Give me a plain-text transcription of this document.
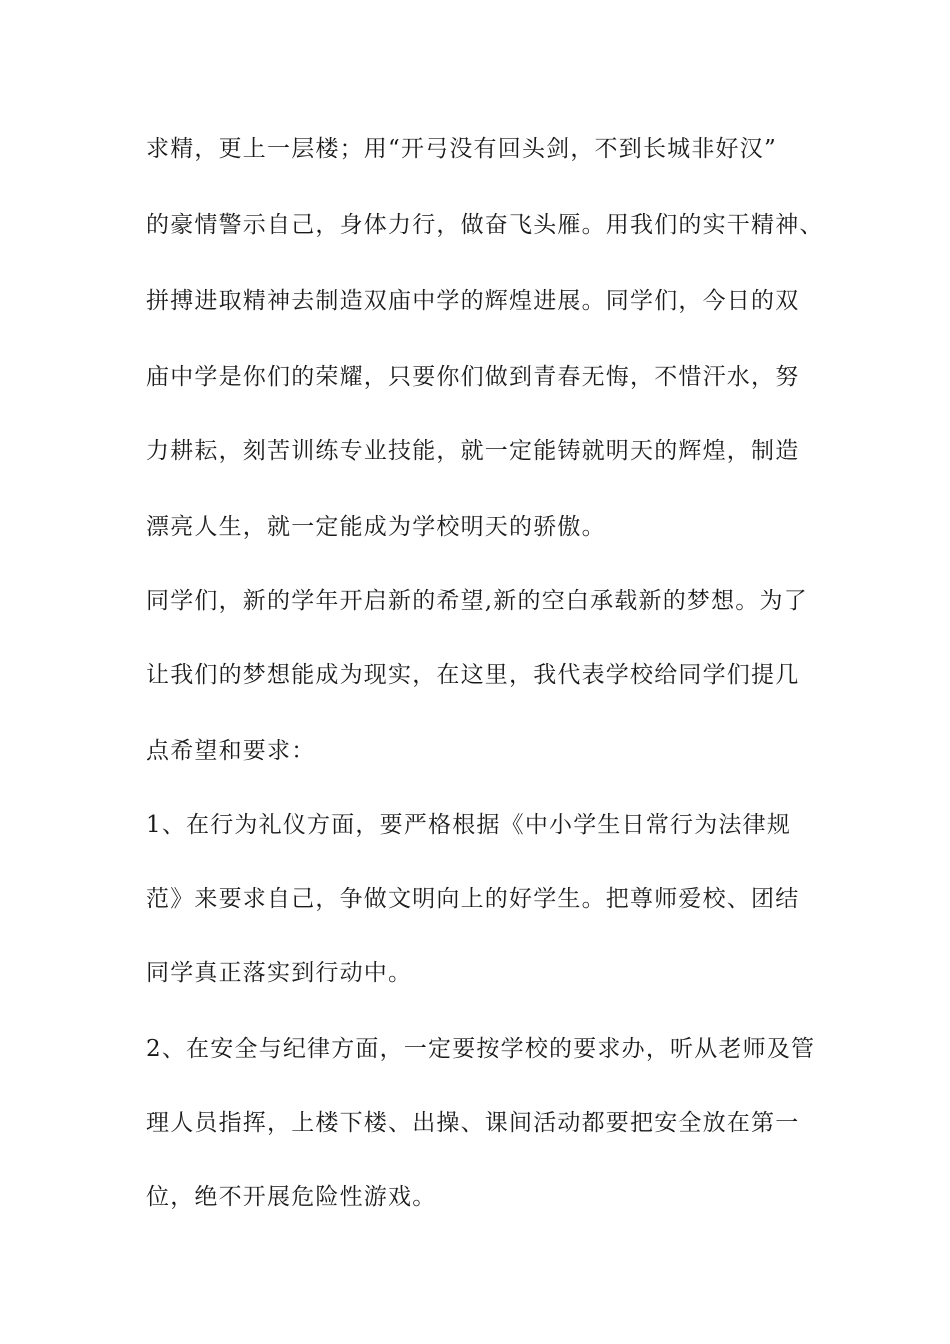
求精，更上一层楼；用“开弓没有回头剑，不到长城非好汉”
的豪情警示自己，身体力行，做奋飞头雁。用我们的实干精神、
拼搏进取精神去制造双庙中学的辉煌进展。同学们，今日的双
庙中学是你们的荣耀，只要你们做到青春无悔，不惜汗水，努
力耕耘，刻苦训练专业技能，就一定能铸就明天的辉煌，制造
漂亮人生，就一定能成为学校明天的骄傲。
同学们，新的学年开启新的希望,新的空白承载新的梦想。为了
让我们的梦想能成为现实，在这里，我代表学校给同学们提几
点希望和要求：
1、在行为礼仪方面，要严格根据《中小学生日常行为法律规
范》来要求自己，争做文明向上的好学生。把尊师爱校、团结
同学真正落实到行动中。
2、在安全与纪律方面，一定要按学校的要求办，听从老师及管
理人员指挥，上楼下楼、出操、课间活动都要把安全放在第一
位，绝不开展危险性游戏。
